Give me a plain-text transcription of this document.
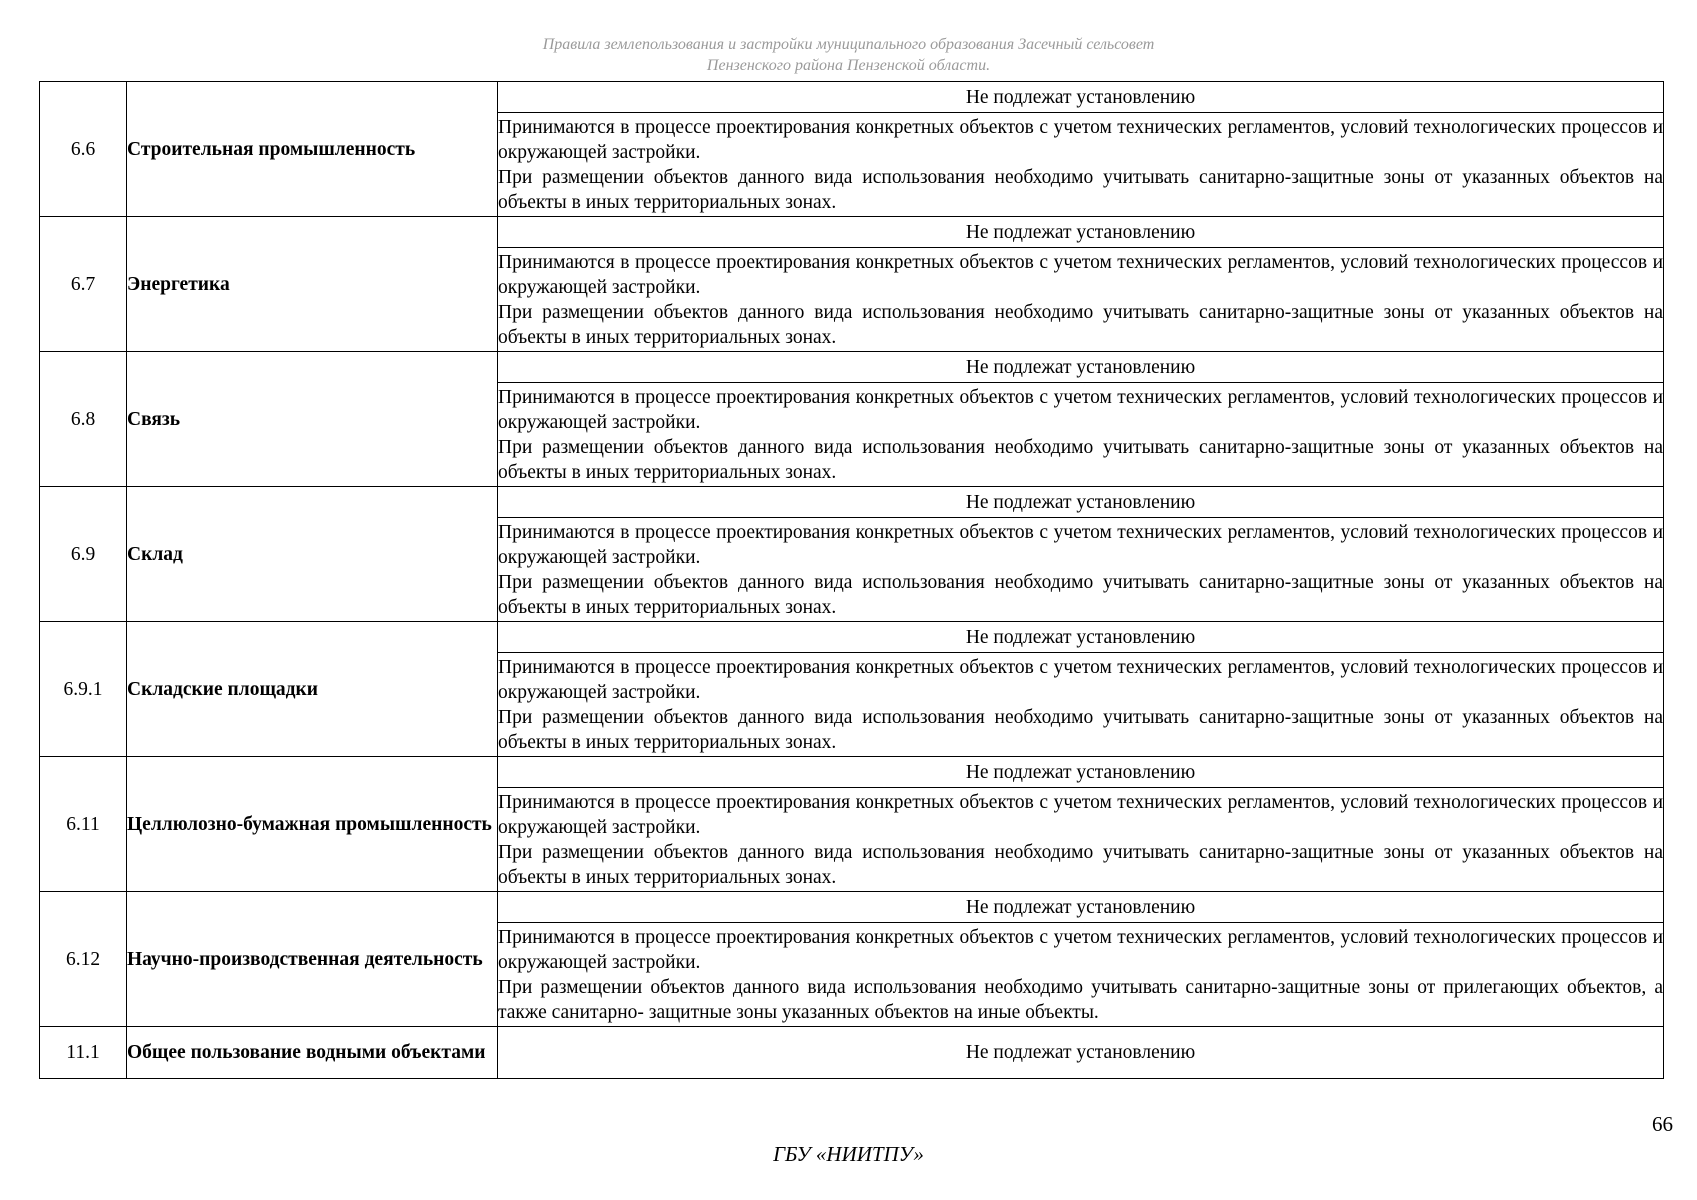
Правила землепользования и застройки муниципального образования Засечный сельсовет
Пензенского района Пензенской области.
6.6	Строительная промышленность	Не подлежат установлению

		Принимаются в процессе проектирования конкретных объектов с учетом технических регламентов, условий технологических процессов и окружающей застройки.

При размещении объектов данного вида использования необходимо учитывать санитарно-защитные зоны от указанных объектов на объекты в иных территориальных зонах.

6.7	Энергетика	Не подлежат установлению

		Принимаются в процессе проектирования конкретных объектов с учетом технических регламентов, условий технологических процессов и окружающей застройки.

При размещении объектов данного вида использования необходимо учитывать санитарно-защитные зоны от указанных объектов на объекты в иных территориальных зонах.

6.8	Связь	Не подлежат установлению

		Принимаются в процессе проектирования конкретных объектов с учетом технических регламентов, условий технологических процессов и окружающей застройки.

При размещении объектов данного вида использования необходимо учитывать санитарно-защитные зоны от указанных объектов на объекты в иных территориальных зонах.

6.9	Склад	Не подлежат установлению

		Принимаются в процессе проектирования конкретных объектов с учетом технических регламентов, условий технологических процессов и окружающей застройки.

При размещении объектов данного вида использования необходимо учитывать санитарно-защитные зоны от указанных объектов на объекты в иных территориальных зонах.

6.9.1	Складские площадки	Не подлежат установлению

		Принимаются в процессе проектирования конкретных объектов с учетом технических регламентов, условий технологических процессов и окружающей застройки.

При размещении объектов данного вида использования необходимо учитывать санитарно-защитные зоны от указанных объектов на объекты в иных территориальных зонах.

6.11	Целлюлозно-бумажная промышленность	Не подлежат установлению

		Принимаются в процессе проектирования конкретных объектов с учетом технических регламентов, условий технологических процессов и окружающей застройки.

При размещении объектов данного вида использования необходимо учитывать санитарно-защитные зоны от указанных объектов на объекты в иных территориальных зонах.

6.12	Научно-производственная деятельность	Не подлежат установлению

		Принимаются в процессе проектирования конкретных объектов с учетом технических регламентов, условий технологических процессов и окружающей застройки.

При размещении объектов данного вида использования необходимо учитывать санитарно-защитные зоны от прилегающих объектов, а также санитарно- защитные зоны указанных объектов на иные объекты.

11.1	Общее пользование водными объектами	Не подлежат установлению
66
ГБУ «НИИТПУ»
